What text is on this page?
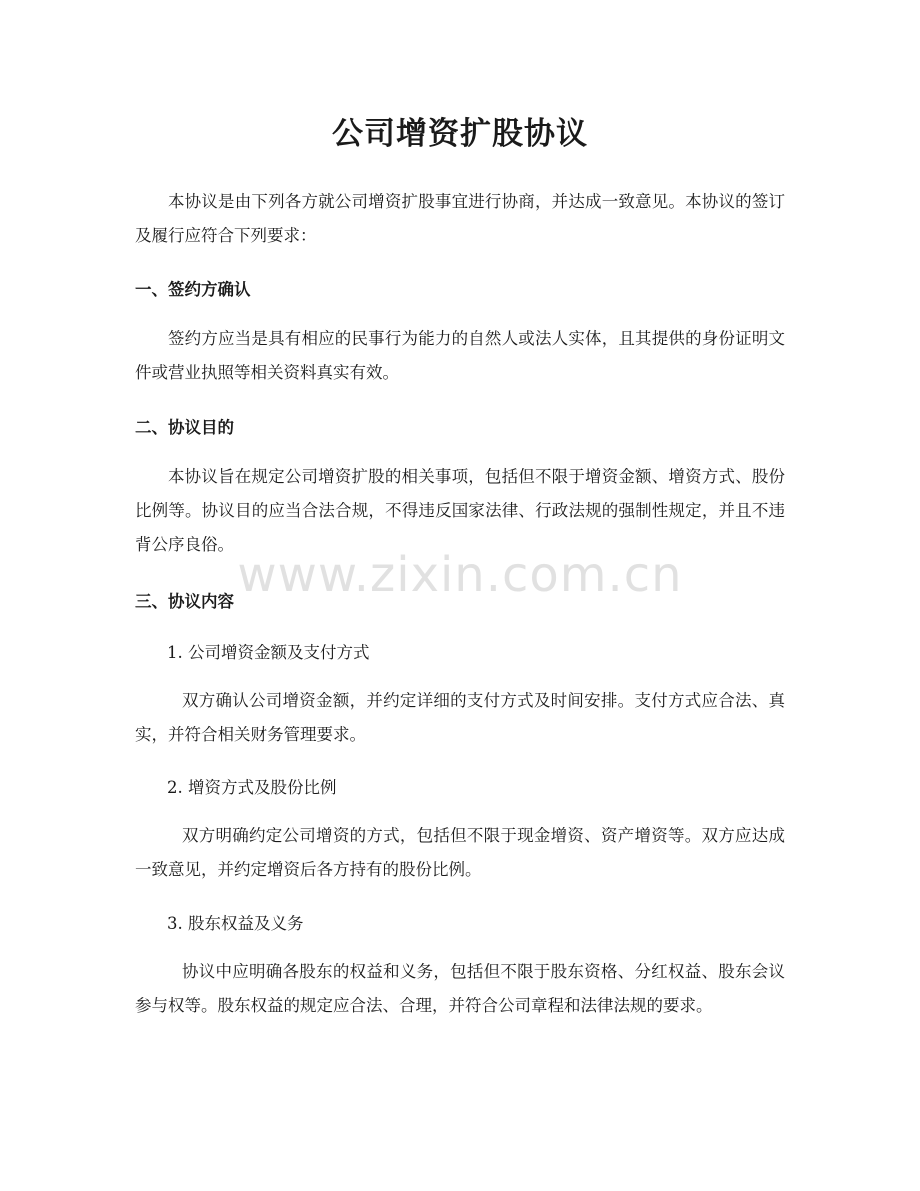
公司增资扩股协议

本协议是由下列各方就公司增资扩股事宜进行协商，并达成一致意见。本协议的签订及履行应符合下列要求：

一、签约方确认

签约方应当是具有相应的民事行为能力的自然人或法人实体，且其提供的身份证明文件或营业执照等相关资料真实有效。

二、协议目的

本协议旨在规定公司增资扩股的相关事项，包括但不限于增资金额、增资方式、股份比例等。协议目的应当合法合规，不得违反国家法律、行政法规的强制性规定，并且不违背公序良俗。

三、协议内容

1. 公司增资金额及支付方式

双方确认公司增资金额，并约定详细的支付方式及时间安排。支付方式应合法、真实，并符合相关财务管理要求。

2. 增资方式及股份比例

双方明确约定公司增资的方式，包括但不限于现金增资、资产增资等。双方应达成一致意见，并约定增资后各方持有的股份比例。

3. 股东权益及义务

协议中应明确各股东的权益和义务，包括但不限于股东资格、分红权益、股东会议参与权等。股东权益的规定应合法、合理，并符合公司章程和法律法规的要求。

www.zixin.com.cn
